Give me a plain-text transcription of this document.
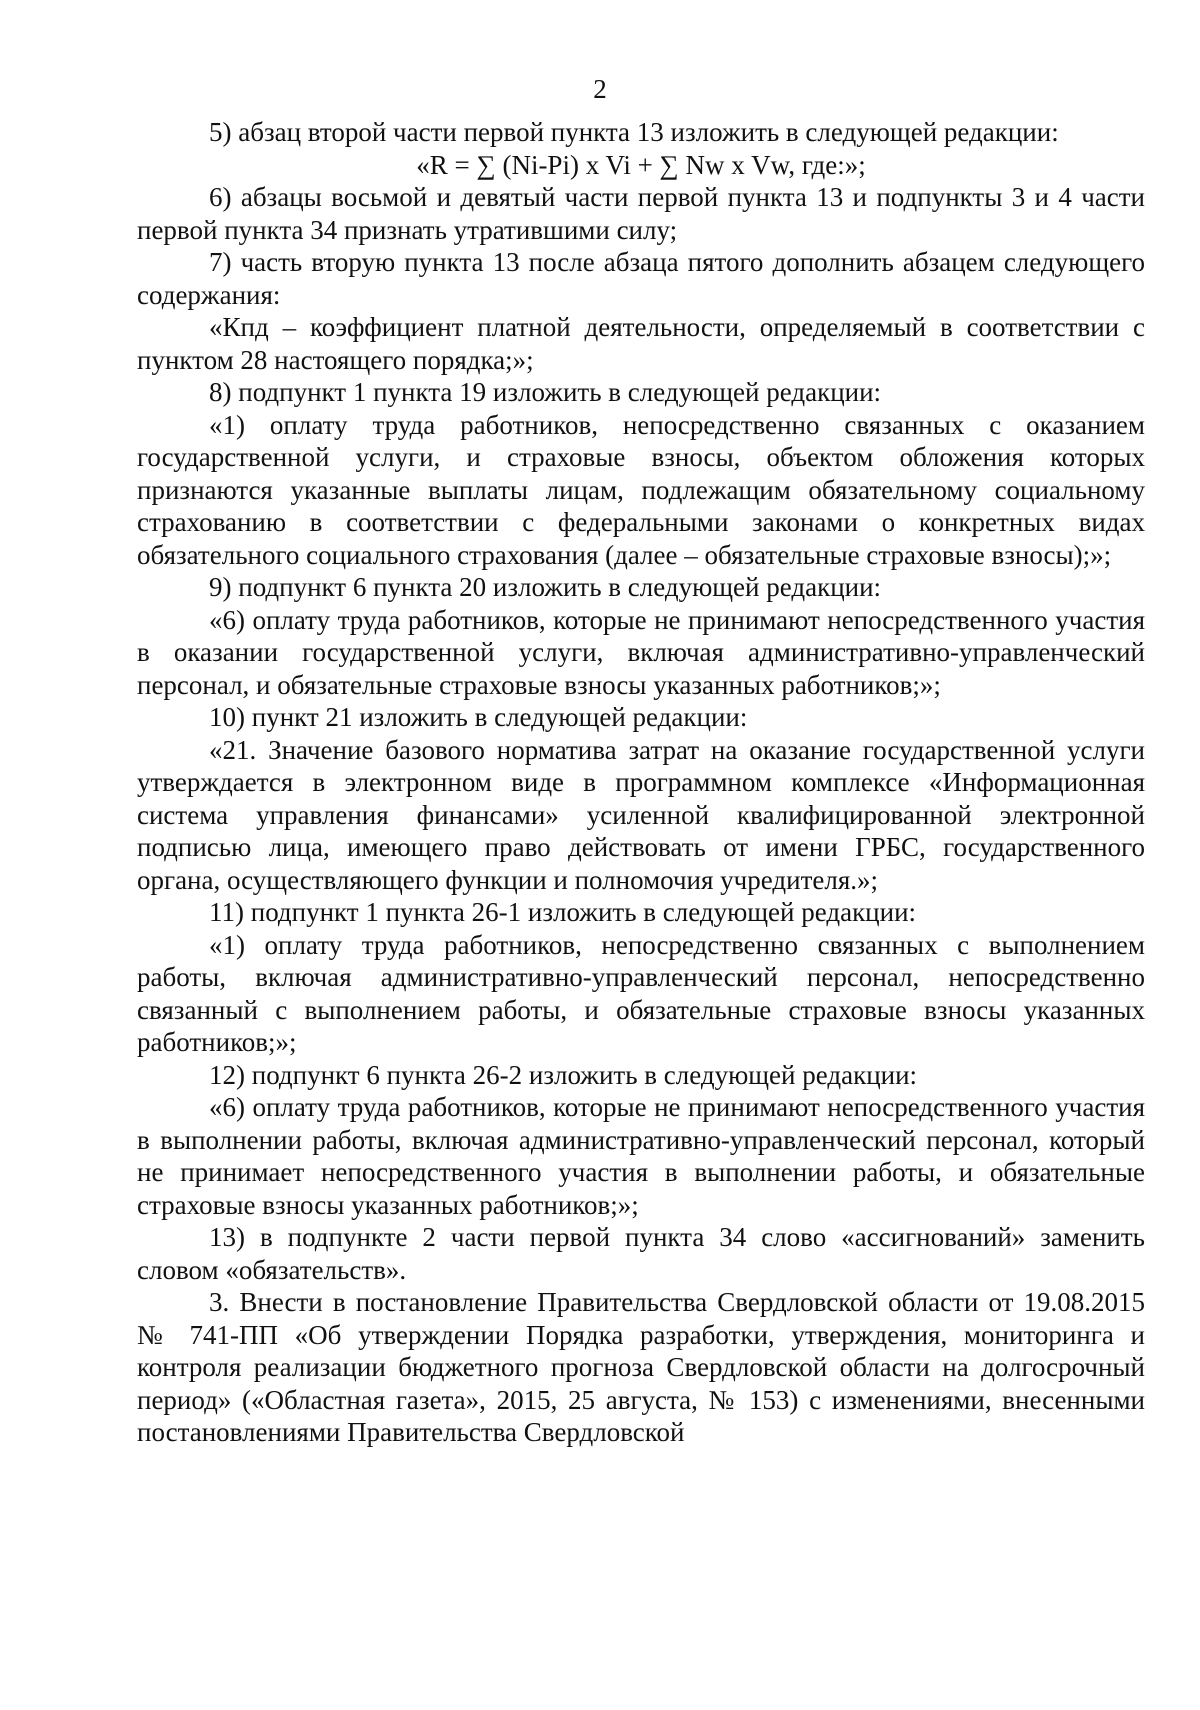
2

5) абзац второй части первой пункта 13 изложить в следующей редакции:

«R = ∑ (Ni-Pi) x Vi + ∑ Nw x Vw, где:»;

6) абзацы восьмой и девятый части первой пункта 13 и подпункты 3 и 4 части первой пункта 34 признать утратившими силу;

7) часть вторую пункта 13 после абзаца пятого дополнить абзацем следующего содержания:

«Кпд – коэффициент платной деятельности, определяемый в соответствии с пунктом 28 настоящего порядка;»;

8) подпункт 1 пункта 19 изложить в следующей редакции:

«1) оплату труда работников, непосредственно связанных с оказанием государственной услуги, и страховые взносы, объектом обложения которых признаются указанные выплаты лицам, подлежащим обязательному социальному страхованию в соответствии с федеральными законами о конкретных видах обязательного социального страхования (далее – обязательные страховые взносы);»;

9) подпункт 6 пункта 20 изложить в следующей редакции:

«6) оплату труда работников, которые не принимают непосредственного участия в оказании государственной услуги, включая административно-управленческий персонал, и обязательные страховые взносы указанных работников;»;

10) пункт 21 изложить в следующей редакции:

«21. Значение базового норматива затрат на оказание государственной услуги утверждается в электронном виде в программном комплексе «Информационная система управления финансами» усиленной квалифицированной электронной подписью лица, имеющего право действовать от имени ГРБС, государственного органа, осуществляющего функции и полномочия учредителя.»;

11) подпункт 1 пункта 26-1 изложить в следующей редакции:

«1) оплату труда работников, непосредственно связанных с выполнением работы, включая административно-управленческий персонал, непосредственно связанный с выполнением работы, и обязательные страховые взносы указанных работников;»;

12) подпункт 6 пункта 26-2 изложить в следующей редакции:

«6) оплату труда работников, которые не принимают непосредственного участия в выполнении работы, включая административно-управленческий персонал, который не принимает непосредственного участия в выполнении работы, и обязательные страховые взносы указанных работников;»;

13) в подпункте 2 части первой пункта 34 слово «ассигнований» заменить словом «обязательств».

3. Внести в постановление Правительства Свердловской области от 19.08.2015 № 741-ПП «Об утверждении Порядка разработки, утверждения, мониторинга и контроля реализации бюджетного прогноза Свердловской области на долгосрочный период» («Областная газета», 2015, 25 августа, № 153) с изменениями, внесенными постановлениями Правительства Свердловской
